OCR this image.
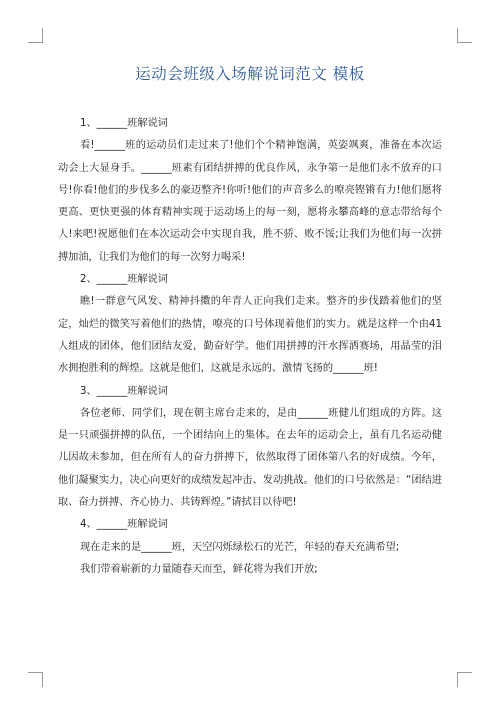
运动会班级入场解说词范文 模板
1、______班解说词
看!______班的运动员们走过来了!他们个个精神饱满，英姿飒爽，准备在本次运动会上大显身手。______班素有团结拼搏的优良作风，永争第一是他们永不放弃的口号!你看!他们的步伐多么的豪迈整齐!你听!他们的声音多么的嘹亮铿锵有力!他们愿将更高、更快更强的体育精神实现于运动场上的每一刻，愿将永攀高峰的意志带给每个人!来吧!祝愿他们在本次运动会中实现自我，胜不骄、败不馁;让我们为他们每一次拼搏加油，让我们为他们的每一次努力喝采!
2、______班解说词
瞧!一群意气风发、精神抖擞的年青人正向我们走来。整齐的步伐踏着他们的坚定，灿烂的微笑写着他们的热情，嘹亮的口号体现着他们的实力。就是这样一个由41人组成的团体，他们团结友爱，勤奋好学。他们用拼搏的汗水挥洒赛场，用晶莹的泪水拥抱胜利的辉煌。这就是他们，这就是永远的、激情飞扬的______班!
3、______班解说词
各位老师、同学们，现在朝主席台走来的，是由______班健儿们组成的方阵。这是一只顽强拼搏的队伍，一个团结向上的集体。在去年的运动会上，虽有几名运动健儿因故未参加，但在所有人的奋力拼搏下，依然取得了团体第八名的好成绩。今年，他们凝聚实力，决心向更好的成绩发起冲击、发动挑战。他们的口号依然是：“团结进取、奋力拼搏、齐心协力、共铸辉煌。”请拭目以待吧!
4、______班解说词
现在走来的是______班，天空闪烁绿松石的光芒，年轻的春天充满希望;
我们带着崭新的力量随春天而至，鲜花将为我们开放;
